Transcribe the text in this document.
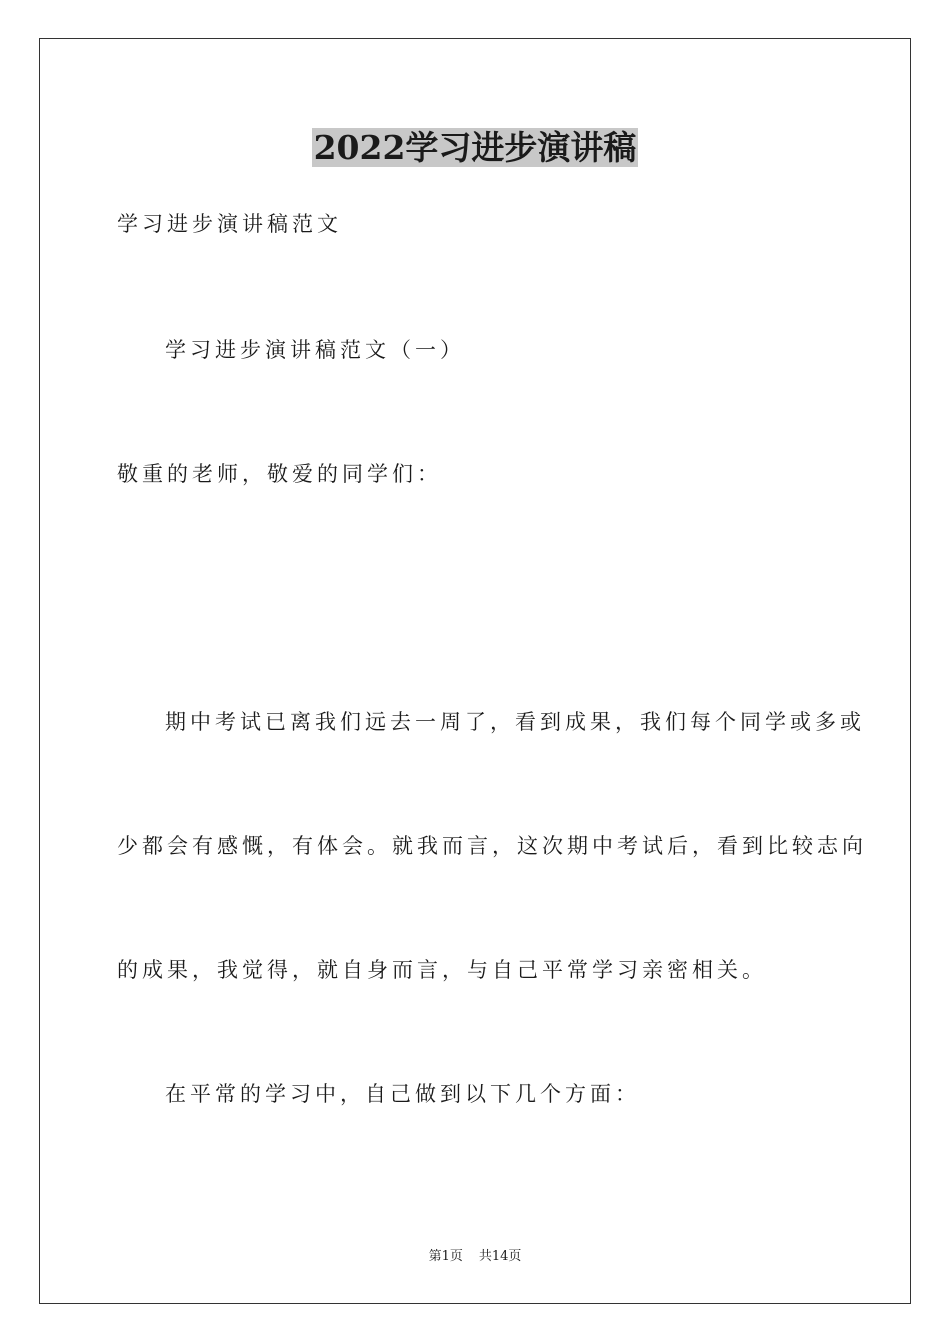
2022学习进步演讲稿
学习进步演讲稿范文
学习进步演讲稿范文（一）
敬重的老师，敬爱的同学们：
期中考试已离我们远去一周了，看到成果，我们每个同学或多或
少都会有感慨，有体会。就我而言，这次期中考试后，看到比较志向
的成果，我觉得，就自身而言，与自己平常学习亲密相关。
在平常的学习中，自己做到以下几个方面：
第1页 共14页
